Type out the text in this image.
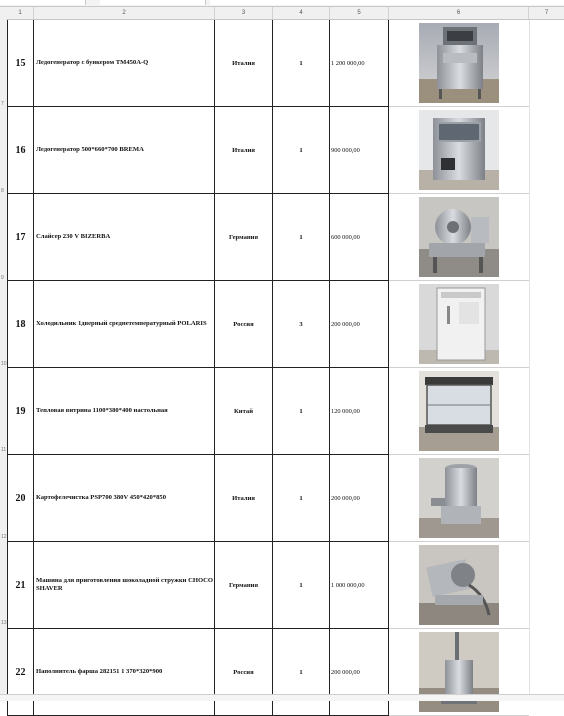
1	2	3	4	5	6	7
7
8
9
10
11
12
13
15	Ледогенератор с бункером TM450A-Q	Италия	1	1 200 000,00
16	Ледогенератор 500*660*700 BREMA	Италия	1	900 000,00
17	Слайсер 230 V BIZERBA	Германия	1	600 000,00
18	Холодильник 1дверный среднетемпературный POLARIS	Россия	3	200 000,00
19	Тепловая витрина 1100*380*400 настольная	Китай	1	120 000,00
20	Картофелечистка PSP700 380V 450*420*850	Италия	1	200 000,00
21	Машина для приготовления шоколадной стружки CHOCO SHAVER	Германия	1	1 000 000,00
22	Наполнитель фарша 282151 1 370*320*900	Россия	1	200 000,00
